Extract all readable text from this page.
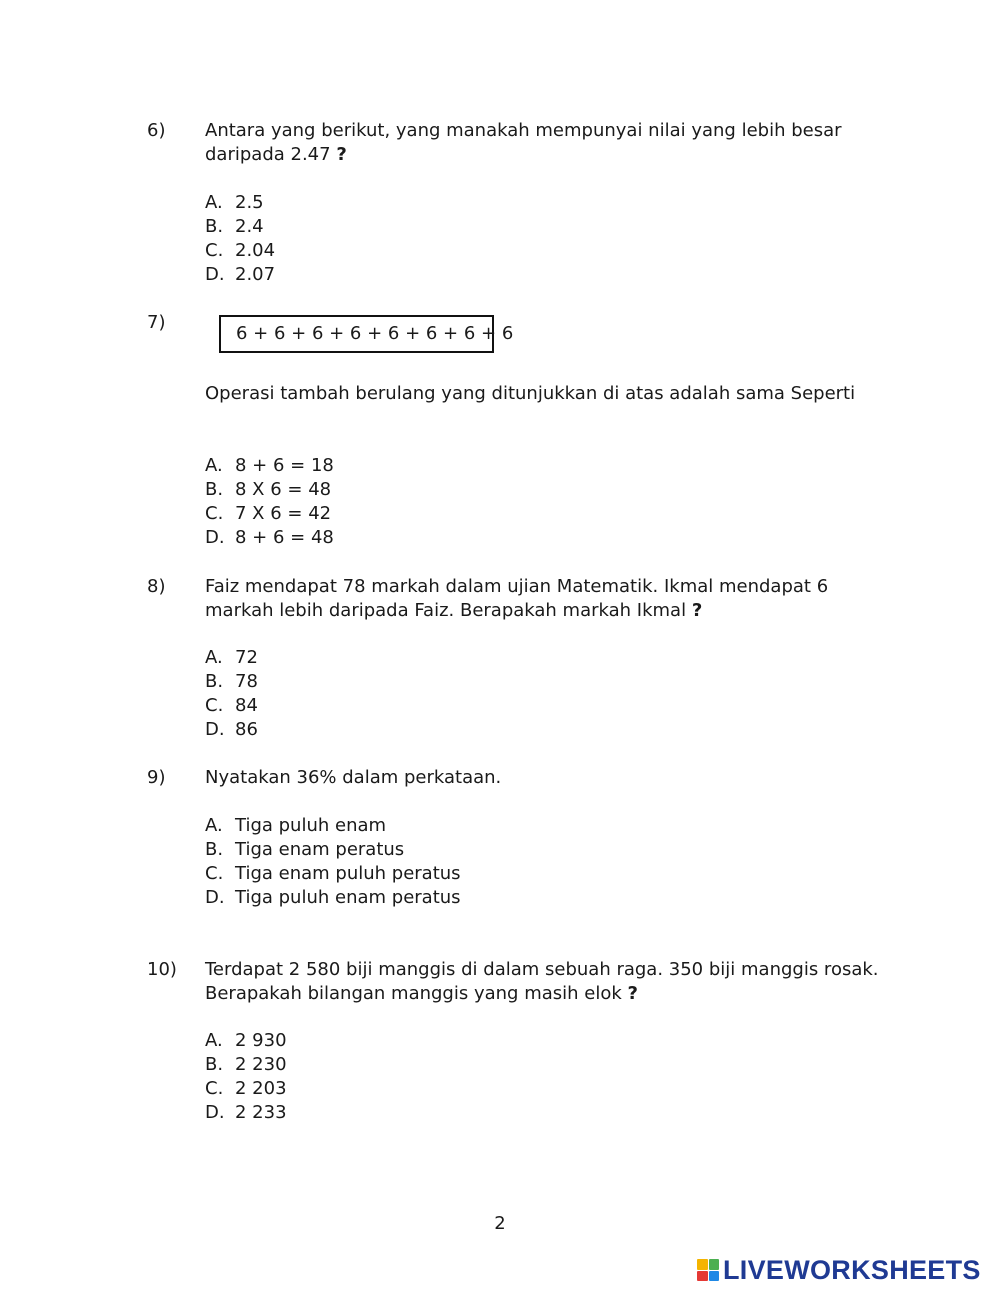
6) Antara yang berikut, yang manakah mempunyai nilai yang lebih besar daripada 2.47 ?
A. 2.5
B. 2.4
C. 2.04
D. 2.07
7)
Operasi tambah berulang yang ditunjukkan di atas adalah sama Seperti
A. 8 + 6 = 18
B. 8 X 6 = 48
C. 7 X 6 = 42
D. 8 + 6 = 48
6 + 6 + 6 + 6 + 6 + 6 + 6 + 6
8) Faiz mendapat 78 markah dalam ujian Matematik. Ikmal mendapat 6 markah lebih daripada Faiz. Berapakah markah Ikmal ?
A. 72
B. 78
C. 84
D. 86
9) Nyatakan 36% dalam perkataan.
A. Tiga puluh enam
B. Tiga enam peratus
C. Tiga enam puluh peratus
D. Tiga puluh enam peratus
10) Terdapat 2 580 biji manggis di dalam sebuah raga. 350 biji manggis rosak. Berapakah bilangan manggis yang masih elok ?
A. 2 930
B. 2 230
C. 2 203
D. 2 233
2
LIVEWORKSHEETS
